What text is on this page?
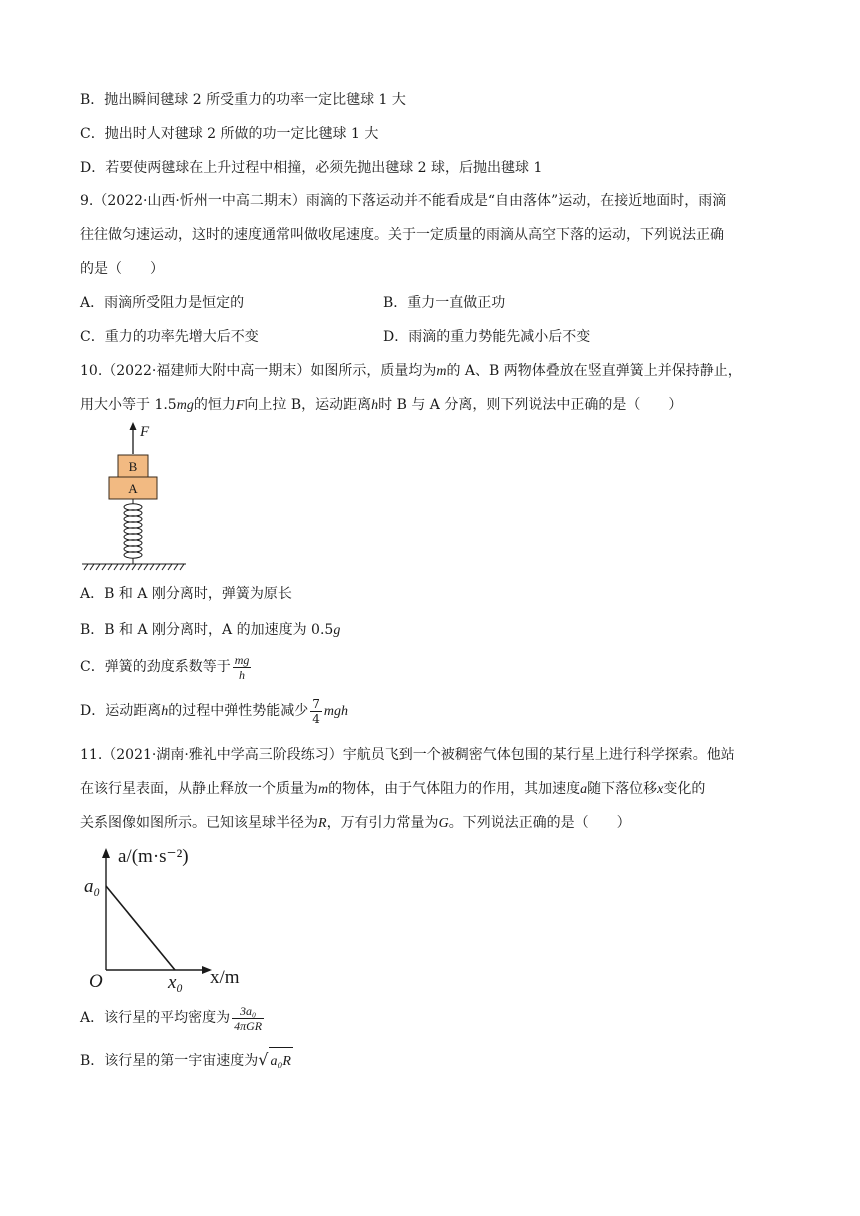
B．抛出瞬间毽球 2 所受重力的功率一定比毽球 1 大
C．抛出时人对毽球 2 所做的功一定比毽球 1 大
D．若要使两毽球在上升过程中相撞，必须先抛出毽球 2 球，后抛出毽球 1
9.（2022·山西·忻州一中高二期末）雨滴的下落运动并不能看成是“自由落体”运动，在接近地面时，雨滴
往往做匀速运动，这时的速度通常叫做收尾速度。关于一定质量的雨滴从高空下落的运动，下列说法正确
的是（　　）
A．雨滴所受阻力是恒定的	B．重力一直做正功
C．重力的功率先增大后不变	D．雨滴的重力势能先减小后不变
10.（2022·福建师大附中高一期末）如图所示，质量均为m的 A、B 两物体叠放在竖直弹簧上并保持静止，
用大小等于 1.5mg的恒力F向上拉 B，运动距离h时 B 与 A 分离，则下列说法中正确的是（　　）
F
B
A
A．B 和 A 刚分离时，弹簧为原长
B．B 和 A 刚分离时，A 的加速度为 0.5g
C．弹簧的劲度系数等于 $\frac{mg}{h}$
D．运动距离h的过程中弹性势能减少 $\frac{7}{4}$ mgh
11.（2021·湖南·雅礼中学高三阶段练习）宇航员飞到一个被稠密气体包围的某行星上进行科学探索。他站
在该行星表面，从静止释放一个质量为m的物体，由于气体阻力的作用，其加速度a随下落位移x变化的
关系图像如图所示。已知该星球半径为R，万有引力常量为G。下列说法正确的是（　　）
a/(m·s⁻²)
x/m
O
a₀
x₀
A．该行星的平均密度为 $\frac{\text{3a₀}}{\text{4πGR}}$
B．该行星的第一宇宙速度为√ a₀R
